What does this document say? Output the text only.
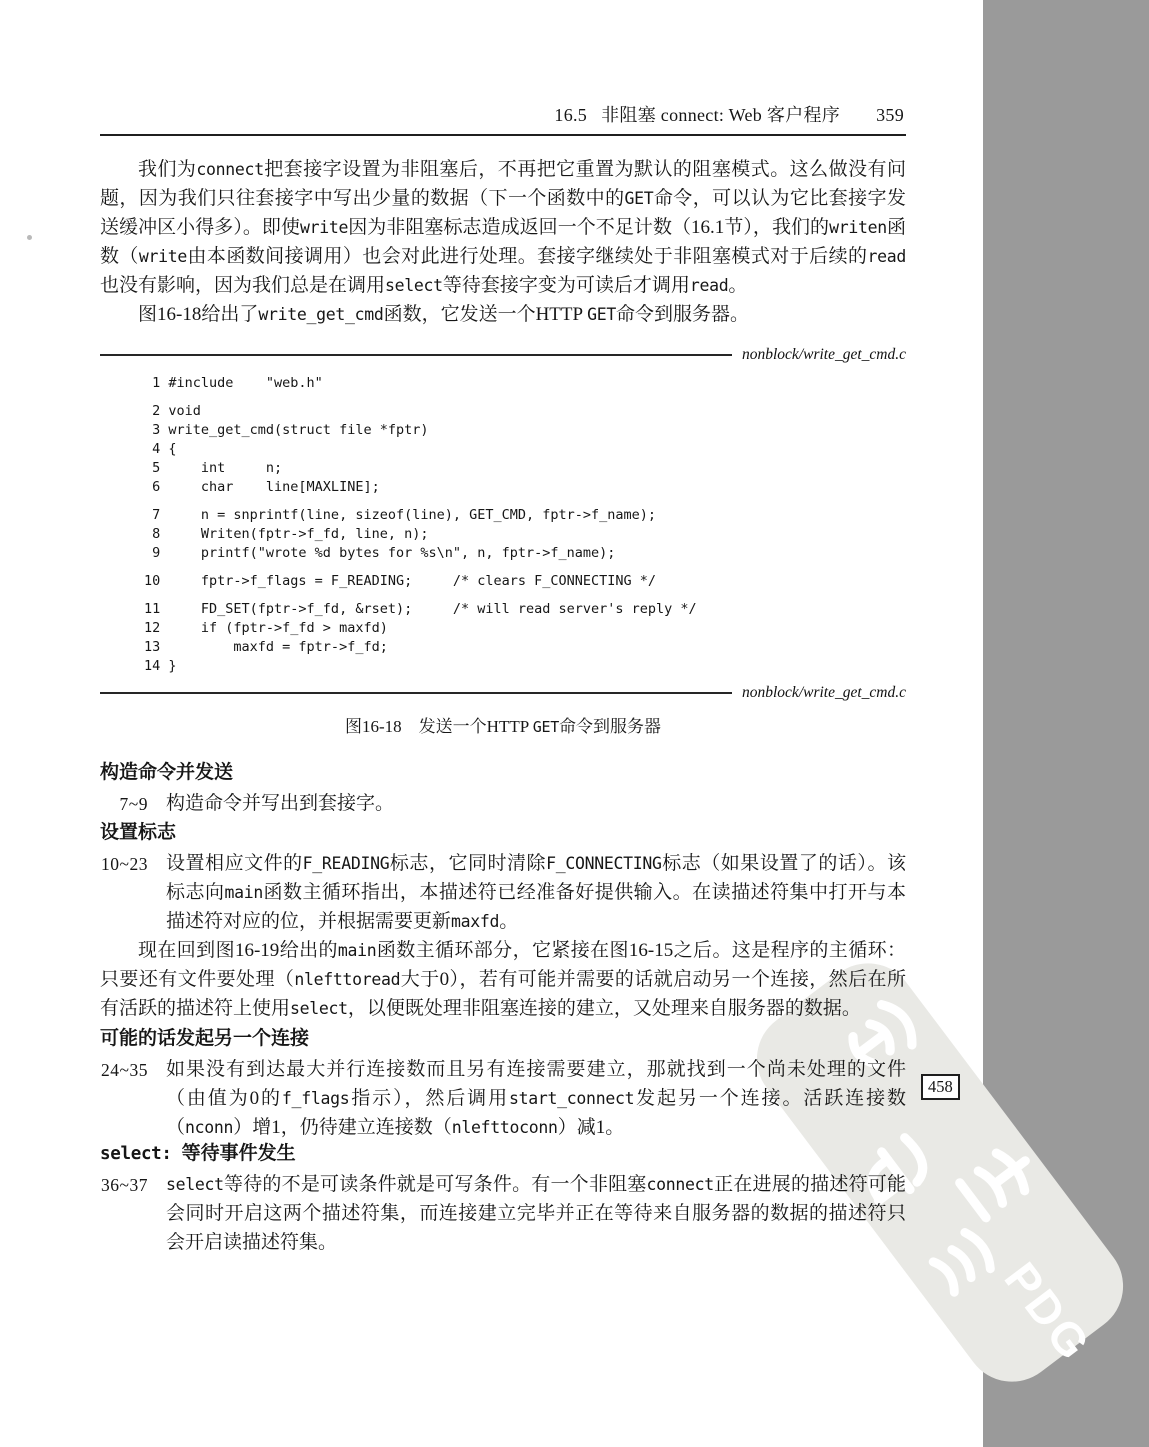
PDG
458
16.5 非阻塞 connect: Web 客户程序 359

我们为connect把套接字设置为非阻塞后，不再把它重置为默认的阻塞模式。这么做没有问题，因为我们只往套接字中写出少量的数据（下一个函数中的GET命令，可以认为它比套接字发送缓冲区小得多）。即使write因为非阻塞标志造成返回一个不足计数（16.1节），我们的writen函数（write由本函数间接调用）也会对此进行处理。套接字继续处于非阻塞模式对于后续的read也没有影响，因为我们总是在调用select等待套接字变为可读后才调用read。

图16-18给出了write_get_cmd函数，它发送一个HTTP GET命令到服务器。

nonblock/write_get_cmd.c
1 #include    "web.h"
2 void
3 write_get_cmd(struct file *fptr)
4 {
5     int     n;
6     char    line[MAXLINE];
7     n = snprintf(line, sizeof(line), GET_CMD, fptr->f_name);
8     Writen(fptr->f_fd, line, n);
9     printf("wrote %d bytes for %s\n", n, fptr->f_name);
10     fptr->f_flags = F_READING;     /* clears F_CONNECTING */
11     FD_SET(fptr->f_fd, &rset);     /* will read server's reply */
12     if (fptr->f_fd > maxfd)
13         maxfd = fptr->f_fd;
14 }
nonblock/write_get_cmd.c
图16-18　发送一个HTTP GET命令到服务器
构造命令并发送
7~9 构造命令并写出到套接字。
设置标志
10~23 设置相应文件的F_READING标志，它同时清除F_CONNECTING标志（如果设置了的话）。该标志向main函数主循环指出，本描述符已经准备好提供输入。在读描述符集中打开与本描述符对应的位，并根据需要更新maxfd。

现在回到图16-19给出的main函数主循环部分，它紧接在图16-15之后。这是程序的主循环：只要还有文件要处理（nlefttoread大于0），若有可能并需要的话就启动另一个连接，然后在所有活跃的描述符上使用select，以便既处理非阻塞连接的建立，又处理来自服务器的数据。

可能的话发起另一个连接
24~35 如果没有到达最大并行连接数而且另有连接需要建立，那就找到一个尚未处理的文件（由值为0的f_flags指示），然后调用start_connect发起另一个连接。活跃连接数（nconn）增1，仍待建立连接数（nlefttoconn）减1。
select: 等待事件发生
36~37 select等待的不是可读条件就是可写条件。有一个非阻塞connect正在进展的描述符可能会同时开启这两个描述符集，而连接建立完毕并正在等待来自服务器的数据的描述符只会开启读描述符集。
